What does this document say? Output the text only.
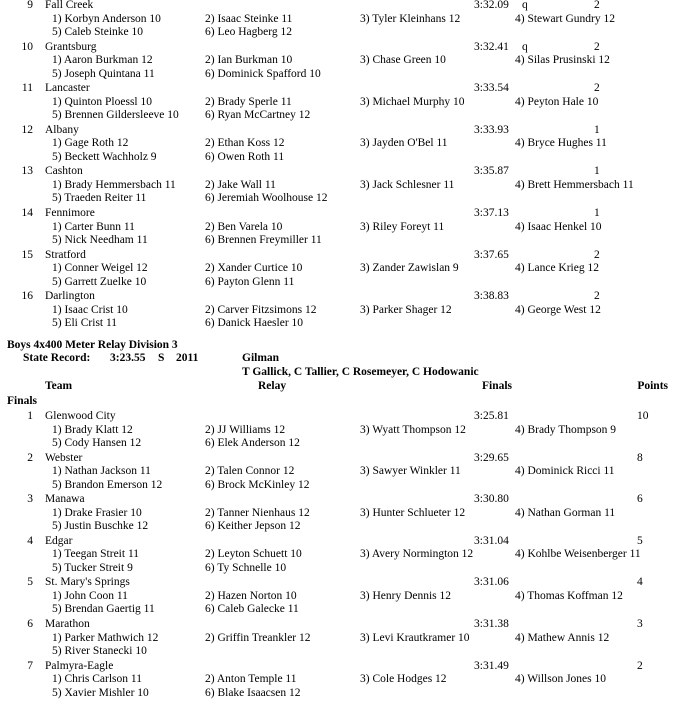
9 Fall Creek	3:32.09 q	2
1) Korbyn Anderson 10	2) Isaac Steinke 11	3) Tyler Kleinhans 12	4) Stewart Gundry 12
5) Caleb Steinke 10	6) Leo Hagberg 12
10 Grantsburg	3:32.41 q	2
1) Aaron Burkman 12	2) Ian Burkman 10	3) Chase Green 10	4) Silas Prusinski 12
5) Joseph Quintana 11	6) Dominick Spafford 10
11 Lancaster	3:33.54	2
1) Quinton Ploessl 10	2) Brady Sperle 11	3) Michael Murphy 10	4) Peyton Hale 10
5) Brennen Gildersleeve 10 6) Ryan McCartney 12
12 Albany	3:33.93	1
1) Gage Roth 12	2) Ethan Koss 12	3) Jayden O'Bel 11	4) Bryce Hughes 11
5) Beckett Wachholz 9	6) Owen Roth 11
13 Cashton	3:35.87	1
1) Brady Hemmersbach 11	2) Jake Wall 11	3) Jack Schlesner 11	4) Brett Hemmersbach 11
5) Traeden Reiter 11	6) Jeremiah Woolhouse 12
14 Fennimore	3:37.13	1
1) Carter Bunn 11	2) Ben Varela 10	3) Riley Foreyt 11	4) Isaac Henkel 10
5) Nick Needham 11	6) Brennen Freymiller 11
15 Stratford	3:37.65	2
1) Conner Weigel 12	2) Xander Curtice 10	3) Zander Zawislan 9	4) Lance Krieg 12
5) Garrett Zuelke 10	6) Payton Glenn 11
16 Darlington	3:38.83	2
1) Isaac Crist 10	2) Carver Fitzsimons 12	3) Parker Shager 12	4) George West 12
5) Eli Crist 11	6) Danick Haesler 10
Boys 4x400 Meter Relay Division 3
State Record: 3:23.55 S 2011	Gilman
T Gallick, C Tallier, C Rosemeyer, C Hodowanic
Team	Relay	Finals	Points
Finals
1 Glenwood City	3:25.81	10
1) Brady Klatt 12	2) JJ Williams 12	3) Wyatt Thompson 12	4) Brady Thompson 9
5) Cody Hansen 12	6) Elek Anderson 12
2 Webster	3:29.65	8
1) Nathan Jackson 11	2) Talen Connor 12	3) Sawyer Winkler 11	4) Dominick Ricci 11
5) Brandon Emerson 12	6) Brock McKinley 12
3 Manawa	3:30.80	6
1) Drake Frasier 10	2) Tanner Nienhaus 12	3) Hunter Schlueter 12	4) Nathan Gorman 11
5) Justin Buschke 12	6) Keither Jepson 12
4 Edgar	3:31.04	5
1) Teegan Streit 11	2) Leyton Schuett 10	3) Avery Normington 12	4) Kohlbe Weisenberger 11
5) Tucker Streit 9	6) Ty Schnelle 10
5 St. Mary's Springs	3:31.06	4
1) John Coon 11	2) Hazen Norton 10	3) Henry Dennis 12	4) Thomas Koffman 12
5) Brendan Gaertig 11	6) Caleb Galecke 11
6 Marathon	3:31.38	3
1) Parker Mathwich 12	2) Griffin Treankler 12	3) Levi Krautkramer 10	4) Mathew Annis 12
5) River Stanecki 10
7 Palmyra-Eagle	3:31.49	2
1) Chris Carlson 11	2) Anton Temple 11	3) Cole Hodges 12	4) Willson Jones 10
5) Xavier Mishler 10	6) Blake Isaacsen 12
